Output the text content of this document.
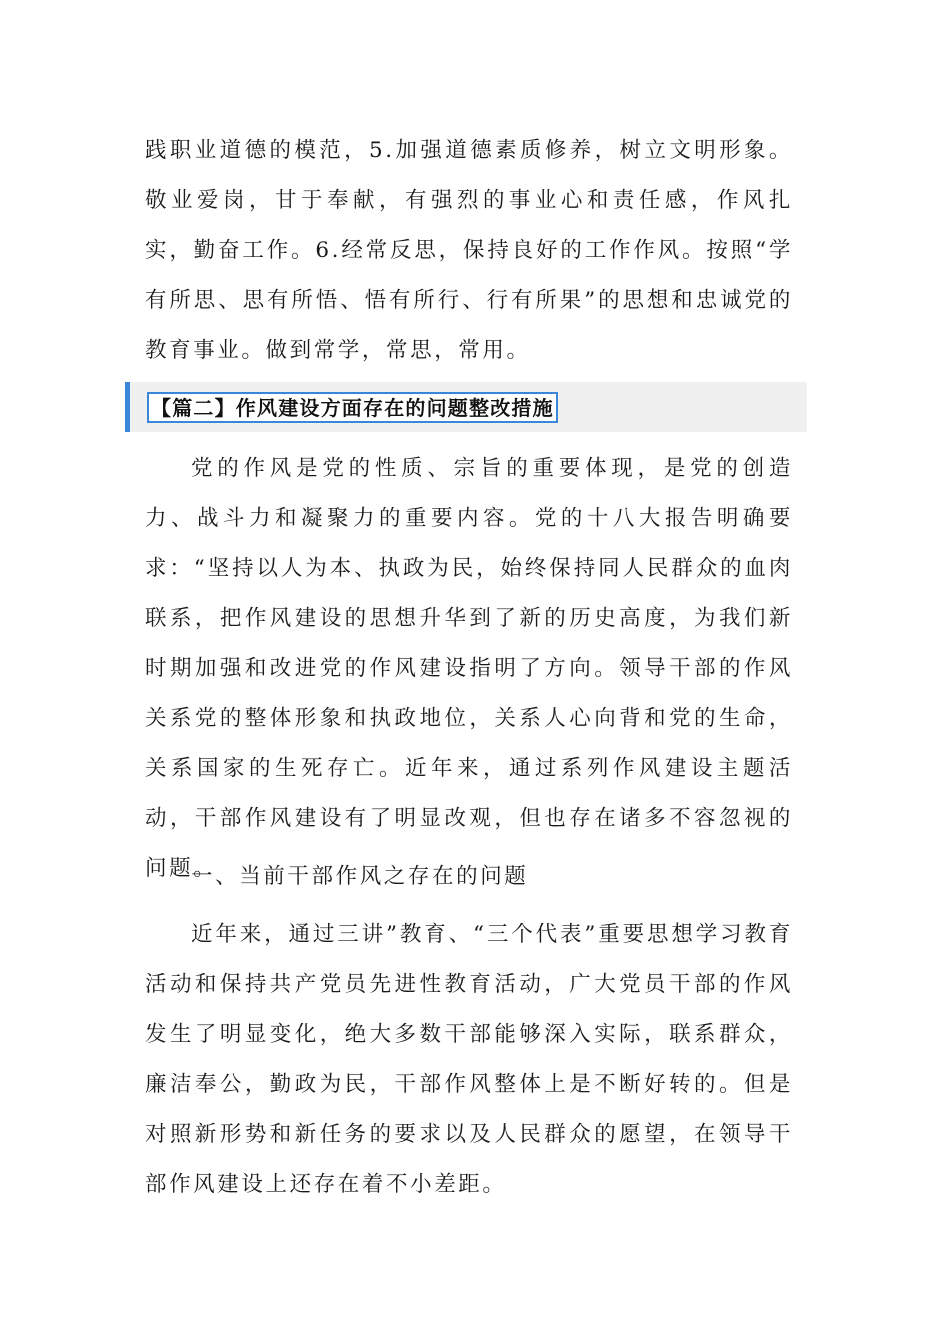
践职业道德的模范，5.加强道德素质修养，树立文明形象。敬业爱岗，甘于奉献，有强烈的事业心和责任感，作风扎实，勤奋工作。6.经常反思，保持良好的工作作风。按照“学有所思、思有所悟、悟有所行、行有所果”的思想和忠诚党的教育事业。做到常学，常思，常用。

【篇二】作风建设方面存在的问题整改措施

党的作风是党的性质、宗旨的重要体现，是党的创造力、战斗力和凝聚力的重要内容。党的十八大报告明确要求：“坚持以人为本、执政为民，始终保持同人民群众的血肉联系，把作风建设的思想升华到了新的历史高度，为我们新时期加强和改进党的作风建设指明了方向。领导干部的作风关系党的整体形象和执政地位，关系人心向背和党的生命，关系国家的生死存亡。近年来，通过系列作风建设主题活动，干部作风建设有了明显改观，但也存在诸多不容忽视的问题。

一、当前干部作风之存在的问题

近年来，通过三讲”教育、“三个代表”重要思想学习教育活动和保持共产党员先进性教育活动，广大党员干部的作风发生了明显变化，绝大多数干部能够深入实际，联系群众，廉洁奉公，勤政为民，干部作风整体上是不断好转的。但是对照新形势和新任务的要求以及人民群众的愿望，在领导干部作风建设上还存在着不小差距。
